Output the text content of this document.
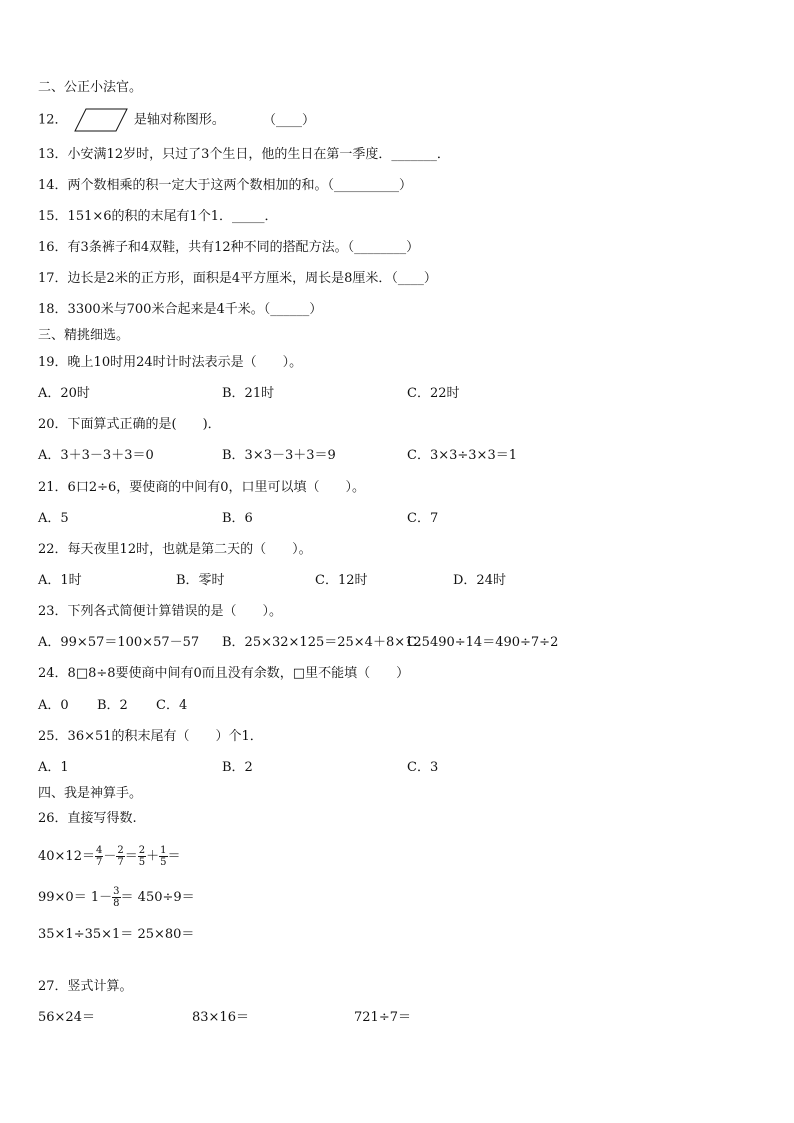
二、公正小法官。
12．	是轴对称图形。	（____）
13．小安满12岁时，只过了3个生日，他的生日在第一季度．_______．
14．两个数相乘的积一定大于这两个数相加的和。（__________）
15．151×6的积的末尾有1个1．_____．
16．有3条裤子和4双鞋，共有12种不同的搭配方法。（________）
17．边长是2米的正方形，面积是4平方厘米，周长是8厘米．（____）
18．3300米与700米合起来是4千米。（______）
三、精挑细选。
19．晚上10时用24时计时法表示是（　　）。
A．20时	B．21时	C．22时
20．下面算式正确的是(　　)．
A．3＋3－3＋3＝0	B．3×3－3＋3＝9	C．3×3÷3×3＝1
21．6口2÷6，要使商的中间有0，口里可以填（　　）。
A．5	B．6	C．7
22．每天夜里12时，也就是第二天的（　　）。
A．1时	B．零时	C．12时	D．24时
23．下列各式简便计算错误的是（　　）。
A．99×57＝100×57－57 B．25×32×125＝25×4＋8×125
C．490÷14＝490÷7÷2
24．8□8÷8要使商中间有0而且没有余数，□里不能填（　　）
A．0 B．2 C．4
25．36×51的积末尾有（　　）个1．
A．1	B．2	C．3
四、我是神算手。
26．直接写得数.
$40\times 12= \frac{4}{7} - \frac{2}{7} = \frac{2}{5} + \frac{1}{5}$ ＝
$99\times 0= 1- \frac{3}{8} = 450\div 9=$
35×1÷35×1＝ 25×80＝
27．竖式计算。
56×24＝	83×16＝	721÷7＝
